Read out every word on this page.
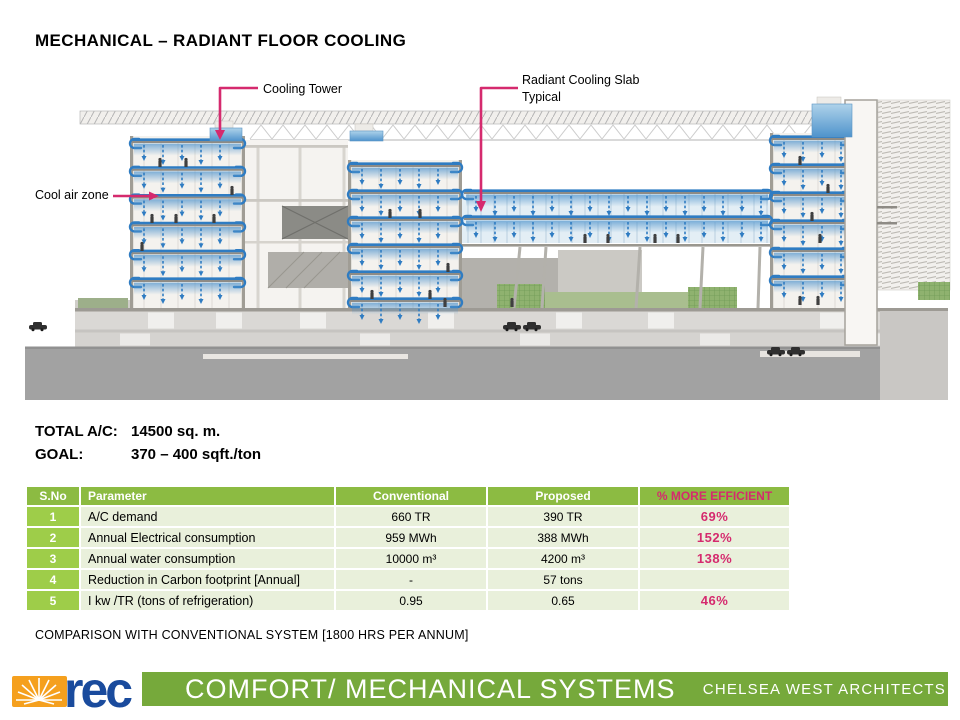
MECHANICAL – RADIANT FLOOR COOLING
Cooling Tower
Radiant Cooling Slab
Typical
Cool air zone
TOTAL A/C: 14500 sq. m.
GOAL:	370 – 400 sqft./ton
S.No	Parameter	Conventional	Proposed	% MORE EFFICIENT
1	A/C demand	660 TR	390 TR	69%
2	Annual Electrical consumption	959 MWh	388 MWh	152%
3	Annual water consumption	10000 m³	4200 m³	138%
4	Reduction in Carbon footprint [Annual]	-	57 tons	
5	I kw /TR (tons of refrigeration)	0.95	0.65	46%
COMPARISON WITH CONVENTIONAL SYSTEM [1800 HRS PER ANNUM]
COMFORT/ MECHANICAL SYSTEMS CHELSEA WEST ARCHITECTS
rec
